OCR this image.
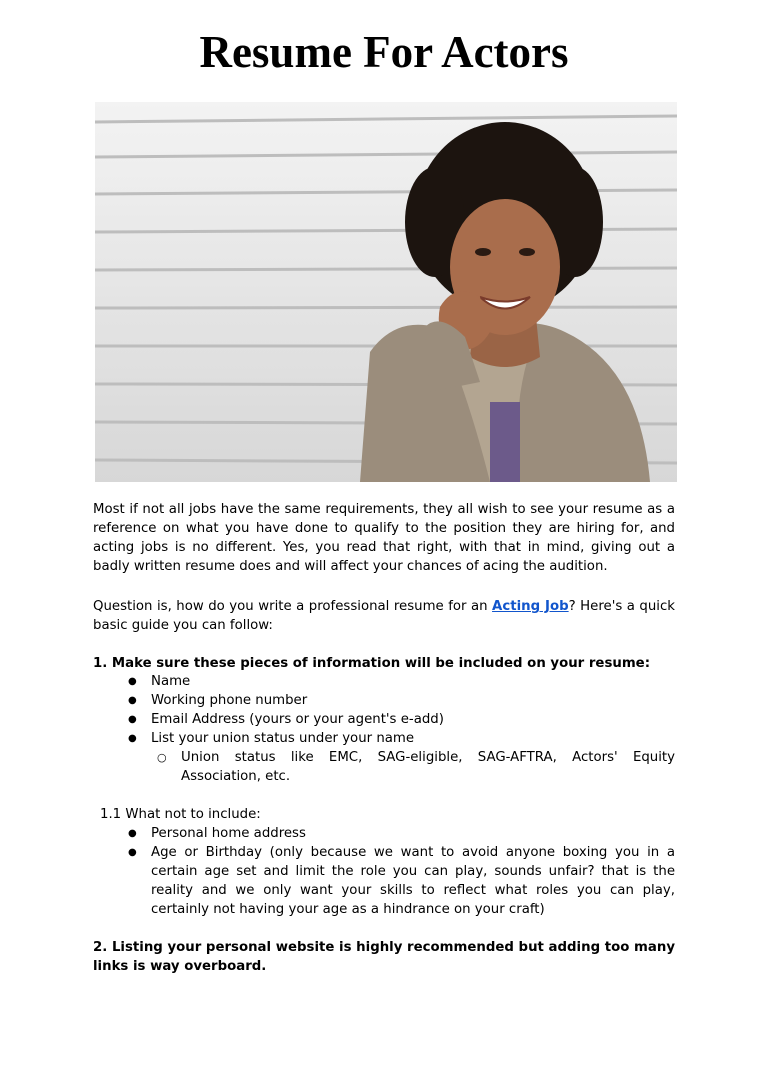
Resume For Actors

Most if not all jobs have the same requirements, they all wish to see your resume as a reference on what you have done to qualify to the position they are hiring for, and acting jobs is no different. Yes, you read that right, with that in mind, giving out a badly written resume does and will affect your chances of acing the audition.

Question is, how do you write a professional resume for an Acting Job? Here's a quick basic guide you can follow:

1. Make sure these pieces of information will be included on your resume:
● Name
● Working phone number
● Email Address (yours or your agent's e-add)
● List your union status under your name
○ Union status like EMC, SAG-eligible, SAG-AFTRA, Actors' Equity Association, etc.
1.1 What not to include:
● Personal home address
● Age or Birthday (only because we want to avoid anyone boxing you in a certain age set and limit the role you can play, sounds unfair? that is the reality and we only want your skills to reflect what roles you can play, certainly not having your age as a hindrance on your craft)
2. Listing your personal website is highly recommended but adding too many links is way overboard.
